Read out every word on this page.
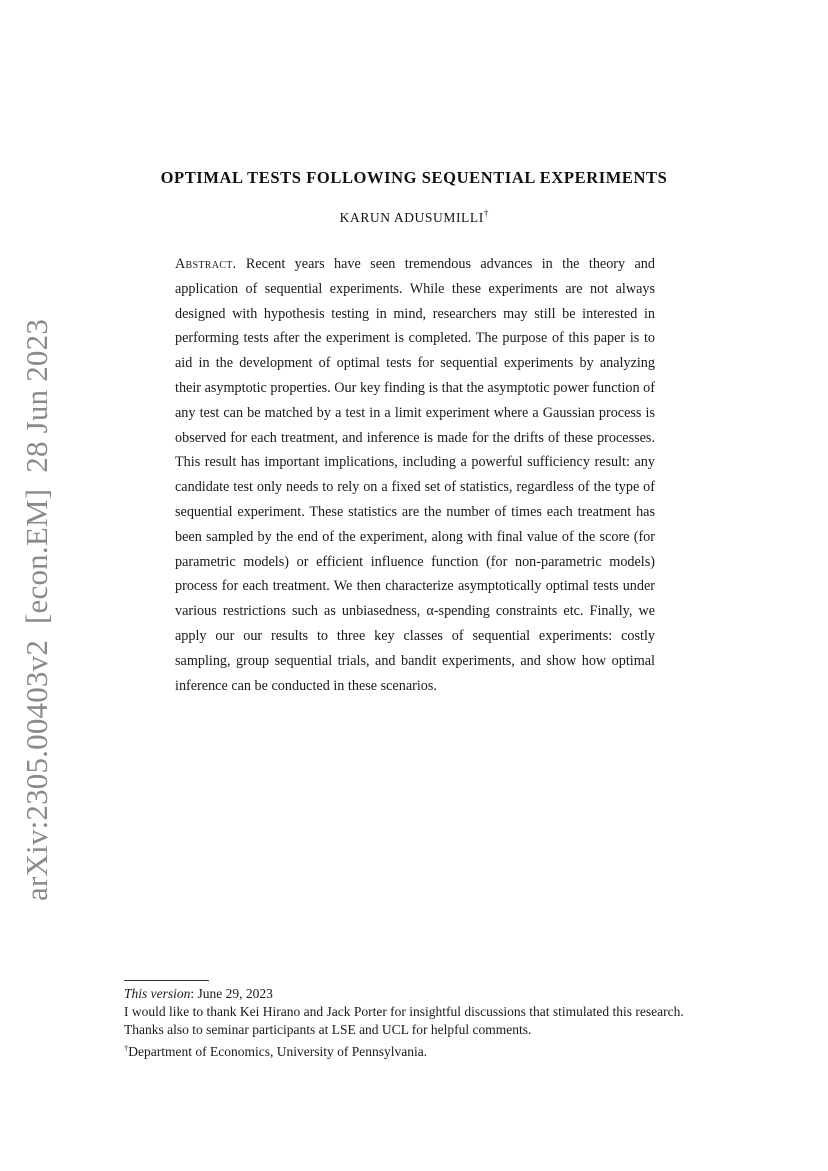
arXiv:2305.00403v2[econ.EM]28 Jun 2023
OPTIMAL TESTS FOLLOWING SEQUENTIAL EXPERIMENTS
KARUN ADUSUMILLI†
Abstract. Recent years have seen tremendous advances in the theory and application of sequential experiments. While these experiments are not always designed with hypothesis testing in mind, researchers may still be interested in performing tests after the experiment is completed. The purpose of this paper is to aid in the development of optimal tests for sequential experiments by analyzing their asymptotic properties. Our key finding is that the asymptotic power function of any test can be matched by a test in a limit experiment where a Gaussian process is observed for each treatment, and inference is made for the drifts of these processes. This result has important implications, including a powerful sufficiency result: any candidate test only needs to rely on a fixed set of statistics, regardless of the type of sequential experiment. These statistics are the number of times each treatment has been sampled by the end of the experiment, along with final value of the score (for parametric models) or efficient influence function (for non-parametric models) process for each treatment. We then characterize asymptotically optimal tests under various restrictions such as unbiasedness, α-spending constraints etc. Finally, we apply our our results to three key classes of sequential experiments: costly sampling, group sequential trials, and bandit experiments, and show how optimal inference can be conducted in these scenarios.

This version: June 29, 2023

I would like to thank Kei Hirano and Jack Porter for insightful discussions that stimulated this research. Thanks also to seminar participants at LSE and UCL for helpful comments.

†Department of Economics, University of Pennsylvania.
